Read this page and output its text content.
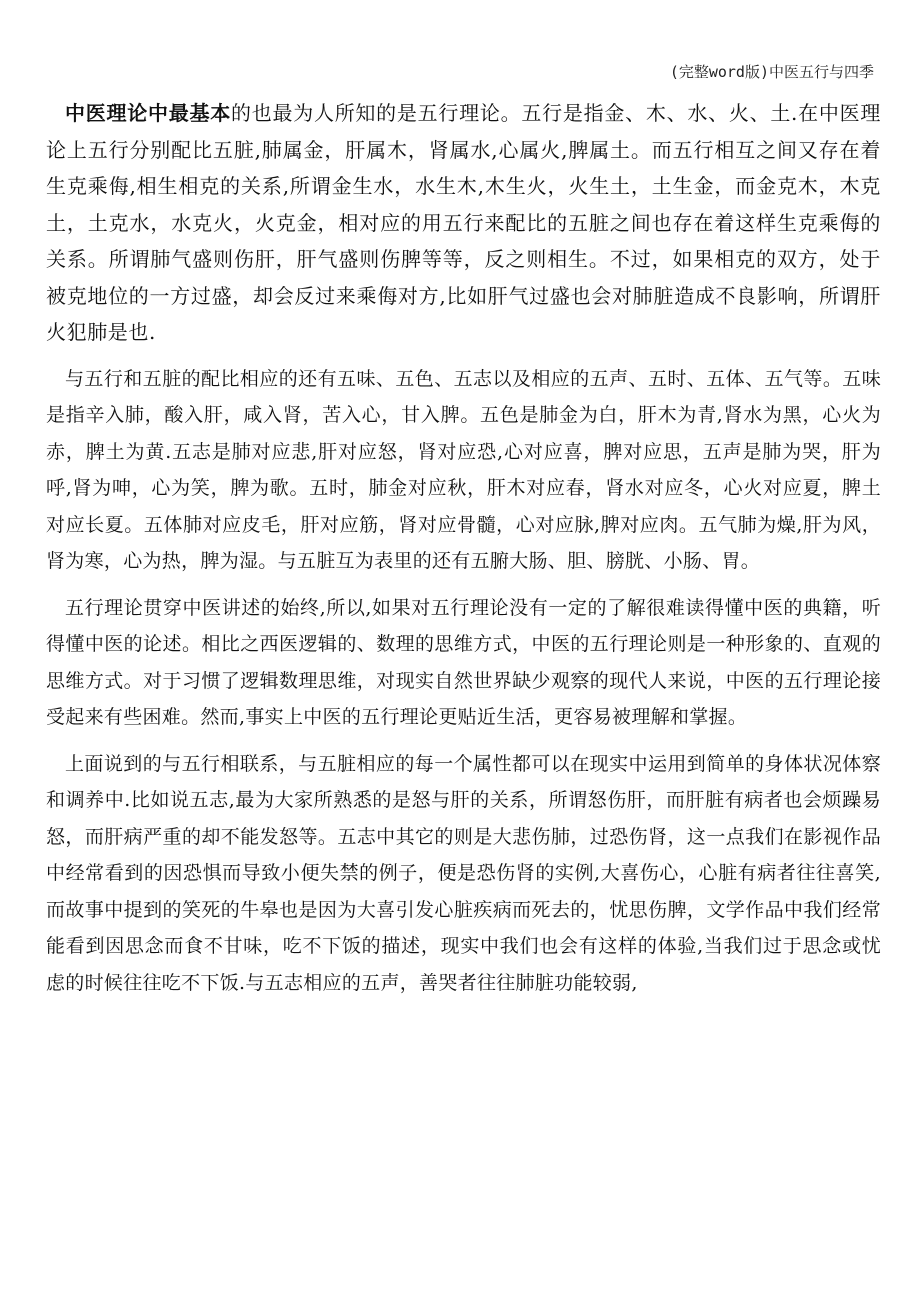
(完整word版)中医五行与四季

中医理论中最基本的也最为人所知的是五行理论。五行是指金、木、水、火、土.在中医理论上五行分别配比五脏,肺属金，肝属木，肾属水,心属火,脾属土。而五行相互之间又存在着生克乘侮,相生相克的关系,所谓金生水，水生木,木生火，火生土，土生金，而金克木，木克土，土克水，水克火，火克金，相对应的用五行来配比的五脏之间也存在着这样生克乘侮的关系。所谓肺气盛则伤肝，肝气盛则伤脾等等，反之则相生。不过，如果相克的双方，处于被克地位的一方过盛，却会反过来乘侮对方,比如肝气过盛也会对肺脏造成不良影响，所谓肝火犯肺是也.

与五行和五脏的配比相应的还有五味、五色、五志以及相应的五声、五时、五体、五气等。五味是指辛入肺，酸入肝，咸入肾，苦入心，甘入脾。五色是肺金为白，肝木为青,肾水为黑，心火为赤，脾土为黄.五志是肺对应悲,肝对应怒，肾对应恐,心对应喜，脾对应思，五声是肺为哭，肝为呼,肾为呻，心为笑，脾为歌。五时，肺金对应秋，肝木对应春，肾水对应冬，心火对应夏，脾土对应长夏。五体肺对应皮毛，肝对应筋，肾对应骨髓，心对应脉,脾对应肉。五气肺为燥,肝为风，肾为寒，心为热，脾为湿。与五脏互为表里的还有五腑大肠、胆、膀胱、小肠、胃。

五行理论贯穿中医讲述的始终,所以,如果对五行理论没有一定的了解很难读得懂中医的典籍，听得懂中医的论述。相比之西医逻辑的、数理的思维方式，中医的五行理论则是一种形象的、直观的思维方式。对于习惯了逻辑数理思维，对现实自然世界缺少观察的现代人来说，中医的五行理论接受起来有些困难。然而,事实上中医的五行理论更贴近生活，更容易被理解和掌握。

上面说到的与五行相联系，与五脏相应的每一个属性都可以在现实中运用到简单的身体状况体察和调养中.比如说五志,最为大家所熟悉的是怒与肝的关系，所谓怒伤肝，而肝脏有病者也会烦躁易怒，而肝病严重的却不能发怒等。五志中其它的则是大悲伤肺，过恐伤肾，这一点我们在影视作品中经常看到的因恐惧而导致小便失禁的例子，便是恐伤肾的实例,大喜伤心，心脏有病者往往喜笑,而故事中提到的笑死的牛皋也是因为大喜引发心脏疾病而死去的，忧思伤脾，文学作品中我们经常能看到因思念而食不甘味，吃不下饭的描述，现实中我们也会有这样的体验,当我们过于思念或忧虑的时候往往吃不下饭.与五志相应的五声，善哭者往往肺脏功能较弱,
